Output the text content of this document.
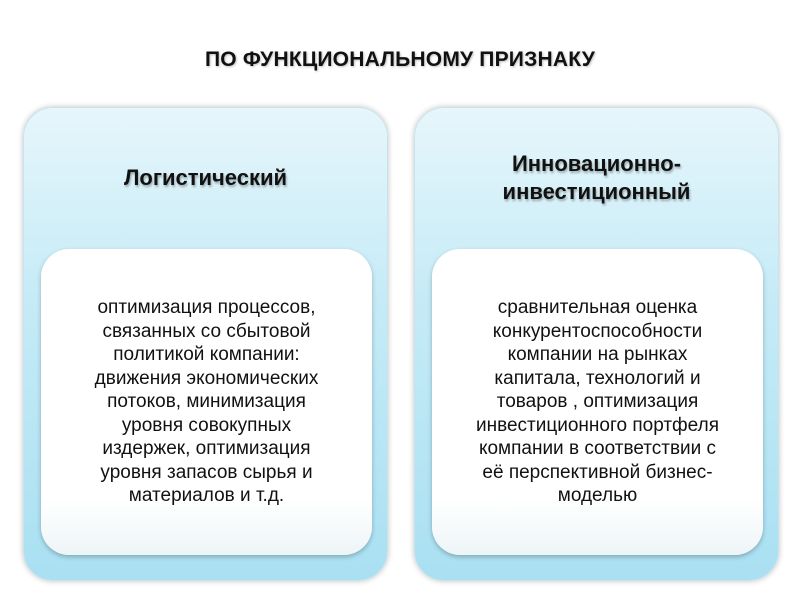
ПО ФУНКЦИОНАЛЬНОМУ ПРИЗНАКУ
Логистический
оптимизация процессов,
связанных со сбытовой
политикой компании:
движения экономических
потоков, минимизация
уровня совокупных
издержек, оптимизация
уровня запасов сырья и
материалов и т.д.
Инновационно-
инвестиционный
сравнительная оценка
конкурентоспособности
компании на рынках
капитала, технологий и
товаров , оптимизация
инвестиционного портфеля
компании в соответствии с
её перспективной бизнес-
моделью
